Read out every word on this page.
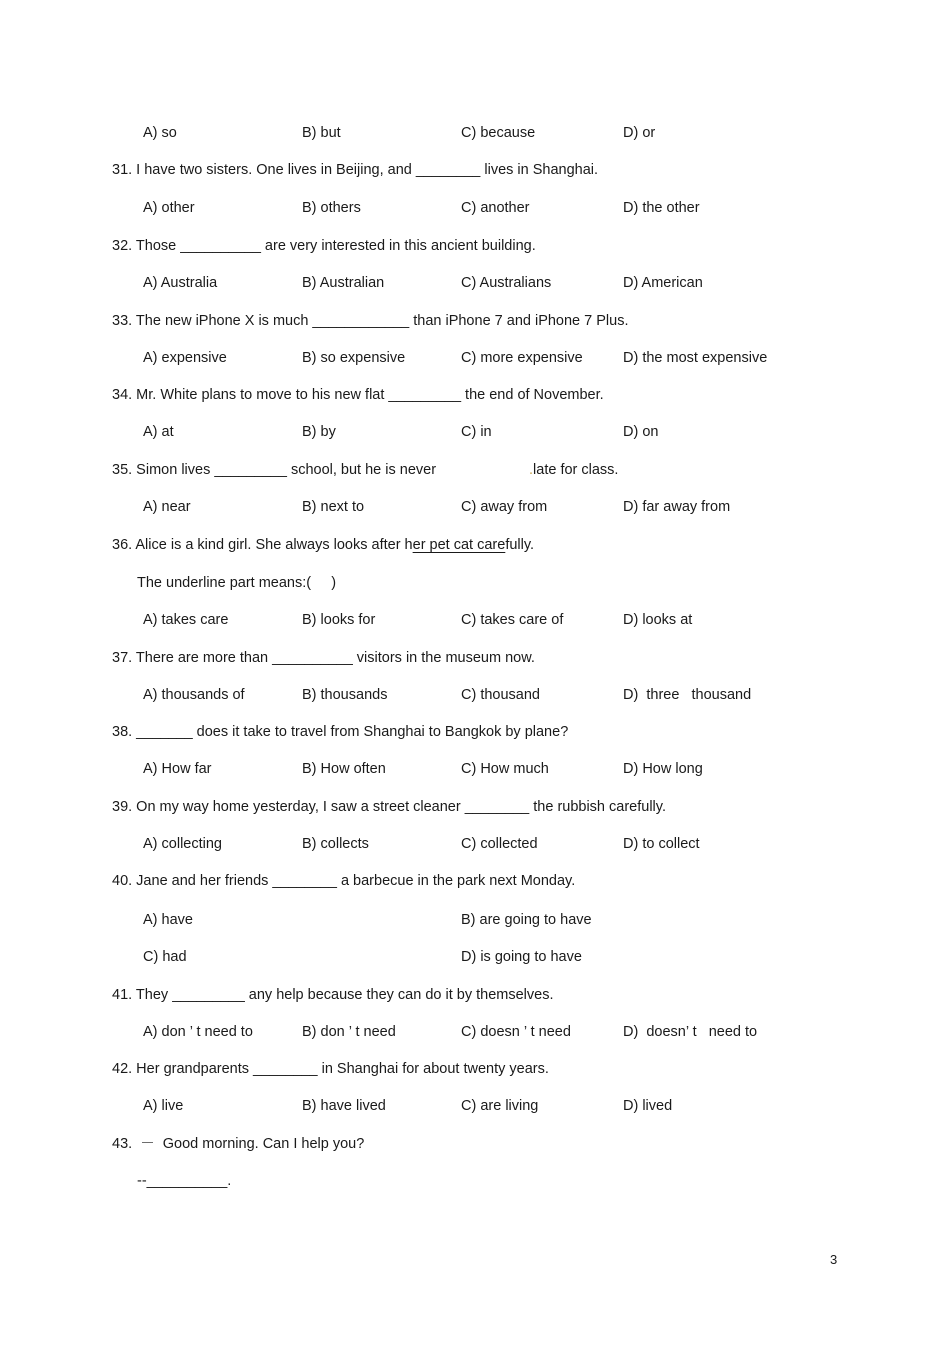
A) so	B) but	C) because	D) or
31. I have two sisters. One lives in Beijing, and ________ lives in Shanghai.
A) other	B) others	C) another	D) the other
32. Those __________ are very interested in this ancient building.
A) Australia	B) Australian	C) Australians	D) American
33. The new iPhone X is much ____________ than iPhone 7 and iPhone 7 Plus.
A) expensive	B) so expensive	C) more expensive	D) the most expensive
34. Mr. White plans to move to his new flat _________ the end of November.
A) at	B) by	C) in	D) on
35. Simon lives _________ school, but he is never	.late for class.
A) near	B) next to	C) away from	D) far away from
36. Alice is a kind girl. She always looks after her pet cat carefully.
The underline part means:(     )
A) takes care	B) looks for	C) takes care of	D) looks at
37. There are more than __________ visitors in the museum now.
A) thousands of	B) thousands	C) thousand	D)  three   thousand
38. _______ does it take to travel from Shanghai to Bangkok by plane?
A) How far	B) How often	C) How much	D) How long
39. On my way home yesterday, I saw a street cleaner ________ the rubbish carefully.
A) collecting	B) collects	C) collected	D) to collect
40. Jane and her friends ________ a barbecue in the park next Monday.
A) have	B) are going to have
C) had	D) is going to have
41. They _________ any help because they can do it by themselves.
A) don ’ t need to	B) don ’ t need	C) doesn ’ t need	D)  doesn’ t   need to
42. Her grandparents ________ in Shanghai for about twenty years.
A) live	B) have lived	C) are living	D) lived
43.  －  Good morning. Can I help you?
--__________.
3
